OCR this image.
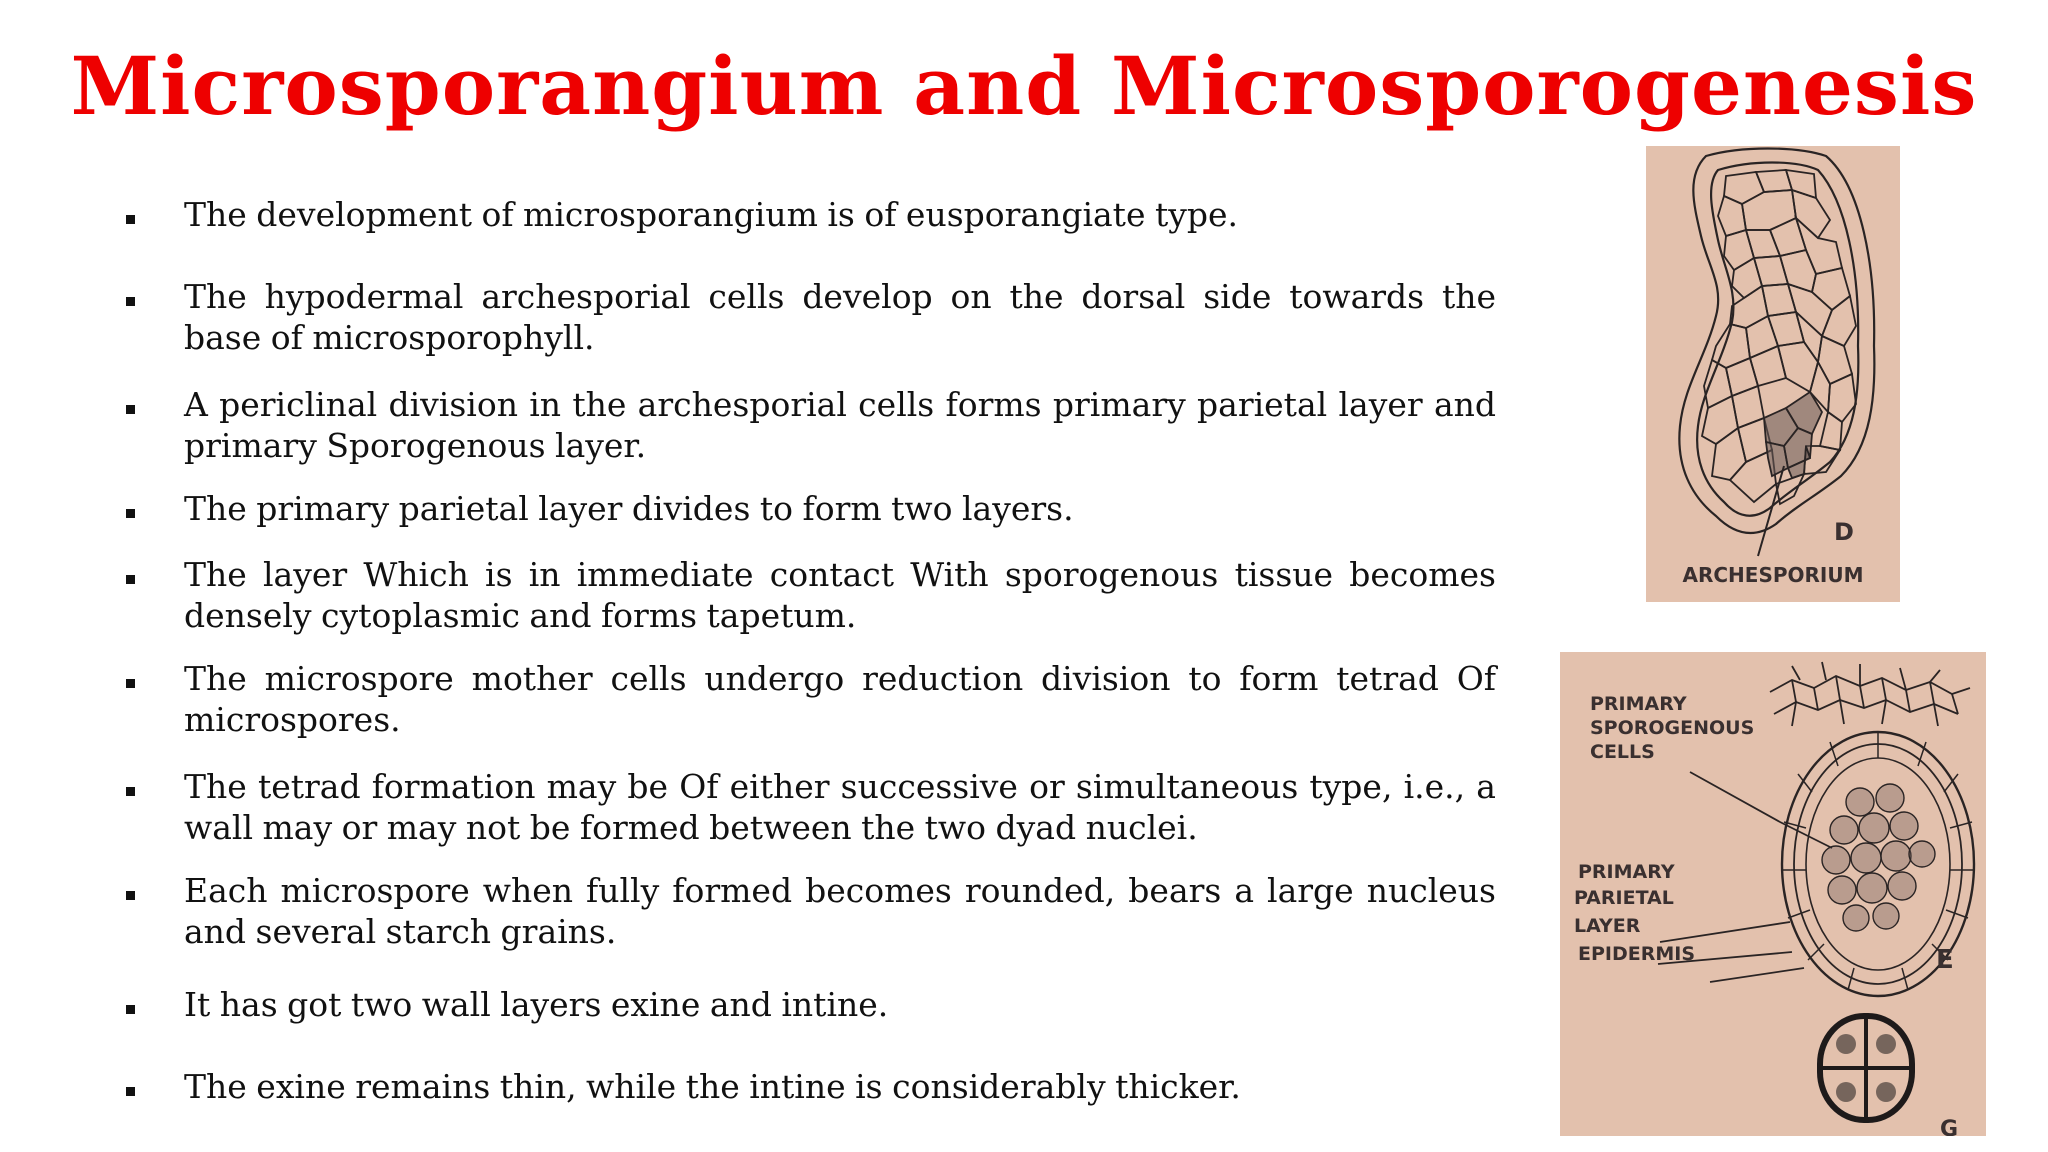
Microsporangium and Microsporogenesis
The development of microsporangium is of eusporangiate type.
The hypodermal archesporial cells develop on the dorsal side towards the base of microsporophyll.
A periclinal division in the archesporial cells forms primary parietal layer and primary Sporogenous layer.
The primary parietal layer divides to form two layers.
The layer Which is in immediate contact With sporogenous tissue becomes densely cytoplasmic and forms tapetum.
The microspore mother cells undergo reduction division to form tetrad Of microspores.
The tetrad formation may be Of either successive or simultaneous type, i.e., a wall may or may not be formed between the two dyad nuclei.
Each microspore when fully formed becomes rounded, bears a large nucleus and several starch grains.
It has got two wall layers exine and intine.
The exine remains thin, while the intine is considerably thicker.
D
ARCHESPORIUM
PRIMARY
SPOROGENOUS
CELLS
PRIMARY
PARIETAL
LAYER
EPIDERMIS	E
G
